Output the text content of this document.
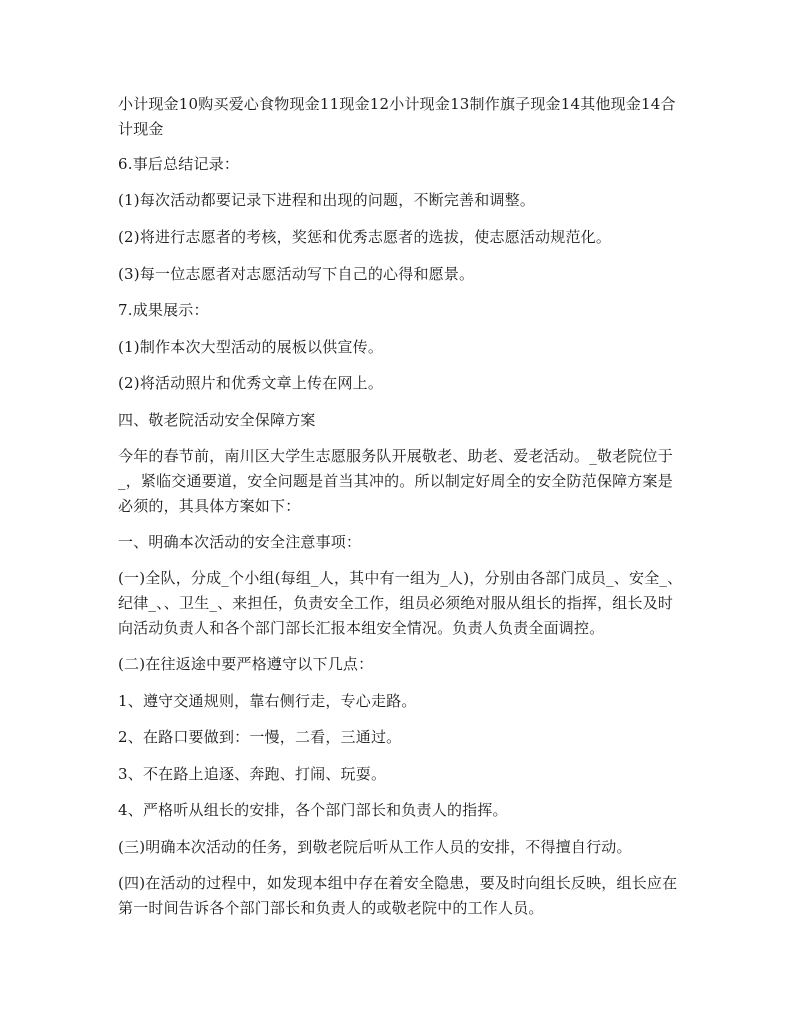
小计现金10购买爱心食物现金11现金12小计现金13制作旗子现金14其他现金14合计现金

6.事后总结记录：

(1)每次活动都要记录下进程和出现的问题，不断完善和调整。

(2)将进行志愿者的考核，奖惩和优秀志愿者的选拔，使志愿活动规范化。

(3)每一位志愿者对志愿活动写下自己的心得和愿景。

7.成果展示：

(1)制作本次大型活动的展板以供宣传。

(2)将活动照片和优秀文章上传在网上。

四、敬老院活动安全保障方案

今年的春节前，南川区大学生志愿服务队开展敬老、助老、爱老活动。_敬老院位于_，紧临交通要道，安全问题是首当其冲的。所以制定好周全的安全防范保障方案是必须的，其具体方案如下：

一、明确本次活动的安全注意事项：

(一)全队，分成_个小组(每组_人，其中有一组为_人)，分别由各部门成员_、安全_、纪律_、、卫生_、来担任，负责安全工作，组员必须绝对服从组长的指挥，组长及时向活动负责人和各个部门部长汇报本组安全情况。负责人负责全面调控。

(二)在往返途中要严格遵守以下几点：

1、遵守交通规则，靠右侧行走，专心走路。

2、在路口要做到：一慢，二看，三通过。

3、不在路上追逐、奔跑、打闹、玩耍。

4、严格听从组长的安排，各个部门部长和负责人的指挥。

(三)明确本次活动的任务，到敬老院后听从工作人员的安排，不得擅自行动。

(四)在活动的过程中，如发现本组中存在着安全隐患，要及时向组长反映，组长应在第一时间告诉各个部门部长和负责人的或敬老院中的工作人员。
